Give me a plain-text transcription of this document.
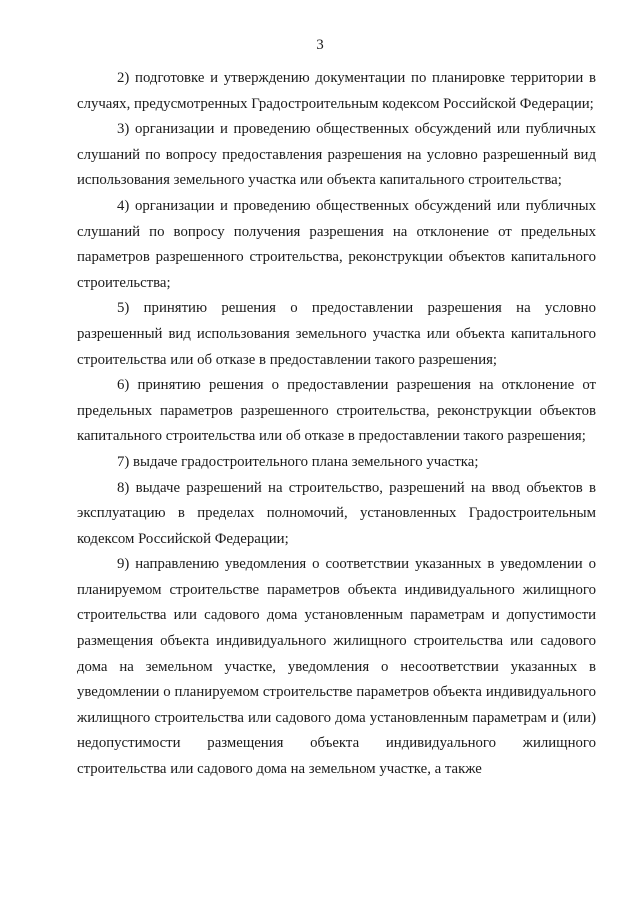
3

2) подготовке и утверждению документации по планировке территории в случаях, предусмотренных Градостроительным кодексом Российской Федерации;

3) организации и проведению общественных обсуждений или публичных слушаний по вопросу предоставления разрешения на условно разрешенный вид использования земельного участка или объекта капитального строительства;

4) организации и проведению общественных обсуждений или публичных слушаний по вопросу получения разрешения на отклонение от предельных параметров разрешенного строительства, реконструкции объектов капитального строительства;

5) принятию решения о предоставлении разрешения на условно разрешенный вид использования земельного участка или объекта капитального строительства или об отказе в предоставлении такого разрешения;

6) принятию решения о предоставлении разрешения на отклонение от предельных параметров разрешенного строительства, реконструкции объектов капитального строительства или об отказе в предоставлении такого разрешения;

7) выдаче градостроительного плана земельного участка;

8) выдаче разрешений на строительство, разрешений на ввод объектов в эксплуатацию в пределах полномочий, установленных Градостроительным кодексом Российской Федерации;

9) направлению уведомления о соответствии указанных в уведомлении о планируемом строительстве параметров объекта индивидуального жилищного строительства или садового дома установленным параметрам и допустимости размещения объекта индивидуального жилищного строительства или садового дома на земельном участке, уведомления о несоответствии указанных в уведомлении о планируемом строительстве параметров объекта индивидуального жилищного строительства или садового дома установленным параметрам и (или) недопустимости размещения объекта индивидуального жилищного строительства или садового дома на земельном участке, а также
